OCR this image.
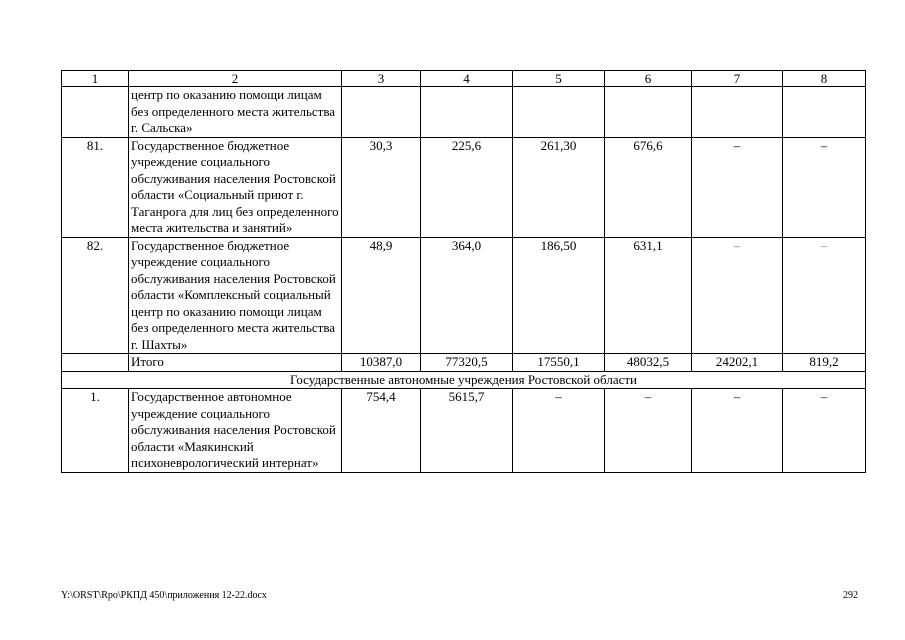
1	2	3	4	5	6	7	8
	центр по оказанию помощи лицам без определенного места жительства г. Сальска»						
81.	Государственное бюджетное учреждение социального обслуживания населения Ростовской области «Социальный приют г. Таганрога для лиц без определенного места жительства и занятий»	30,3	225,6	261,30	676,6	–	–
82.	Государственное бюджетное учреждение социального обслуживания населения Ростовской области «Комплексный социальный центр по оказанию помощи лицам без определенного места жительства г. Шахты»	48,9	364,0	186,50	631,1	–	–
	Итого	10387,0	77320,5	17550,1	48032,5	24202,1	819,2
Государственные автономные учреждения Ростовской области							
1.	Государственное автономное учреждение социального обслуживания населения Ростовской области «Маякинский психоневрологический интернат»	754,4	5615,7	–	–	–	–
Y:\ORST\Rpo\РКПД 450\приложения 12-22.docx	292
